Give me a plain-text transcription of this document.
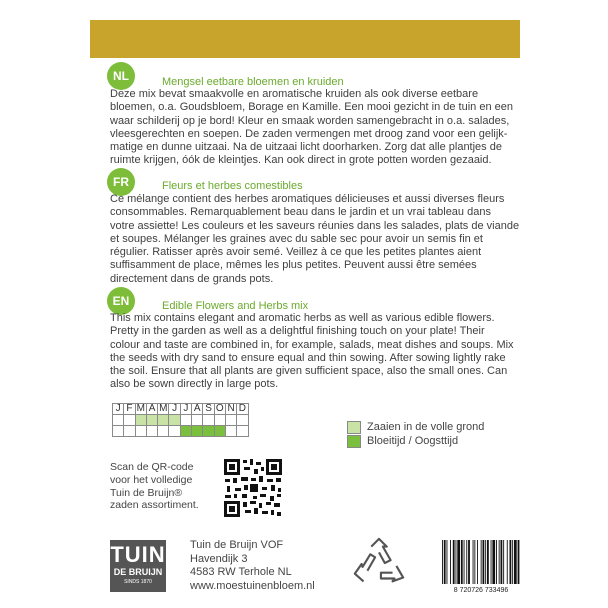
NL	Mengsel eetbare bloemen en kruiden
Deze mix bevat smaakvolle en aromatische kruiden als ook diverse eetbare
bloemen, o.a. Goudsbloem, Borage en Kamille. Een mooi gezicht in de tuin en een
waar schilderij op je bord! Kleur en smaak worden samengebracht in o.a. salades,
vleesgerechten en soepen. De zaden vermengen met droog zand voor een gelijk-
matige en dunne uitzaai. Na de uitzaai licht doorharken. Zorg dat alle plantjes de
ruimte krijgen, óók de kleintjes. Kan ook direct in grote potten worden gezaaid.
FR	Fleurs et herbes comestibles
Ce mélange contient des herbes aromatiques délicieuses et aussi diverses fleurs
consommables. Remarquablement beau dans le jardin et un vrai tableau dans
votre assiette! Les couleurs et les saveurs réunies dans les salades, plats de viande
et soupes. Mélanger les graines avec du sable sec pour avoir un semis fin et
régulier. Ratisser après avoir semé. Veillez à ce que les petites plantes aient
suffisamment de place, mêmes les plus petites. Peuvent aussi être semées
directement dans de grands pots.
EN	Edible Flowers and Herbs mix
This mix contains elegant and aromatic herbs as well as various edible flowers.
Pretty in the garden as well as a delightful finishing touch on your plate! Their
colour and taste are combined in, for example, salads, meat dishes and soups. Mix
the seeds with dry sand to ensure equal and thin sowing. After sowing lightly rake
the soil. Ensure that all plants are given sufficient space, also the small ones. Can
also be sown directly in large pots.
J	F	M	A	M	J	J	A	S	O	N	D

Zaaien in de volle grond
Bloeitijd / Oogsttijd
Scan de QR-code
voor het volledige
Tuin de Bruijn®
zaden assortiment.
TUIN
DE BRUIJN
SINDS 1870
Tuin de Bruijn VOF
Havendijk 3
4583 RW Terhole NL
www.moestuinenbloem.nl	8 720726 733496
